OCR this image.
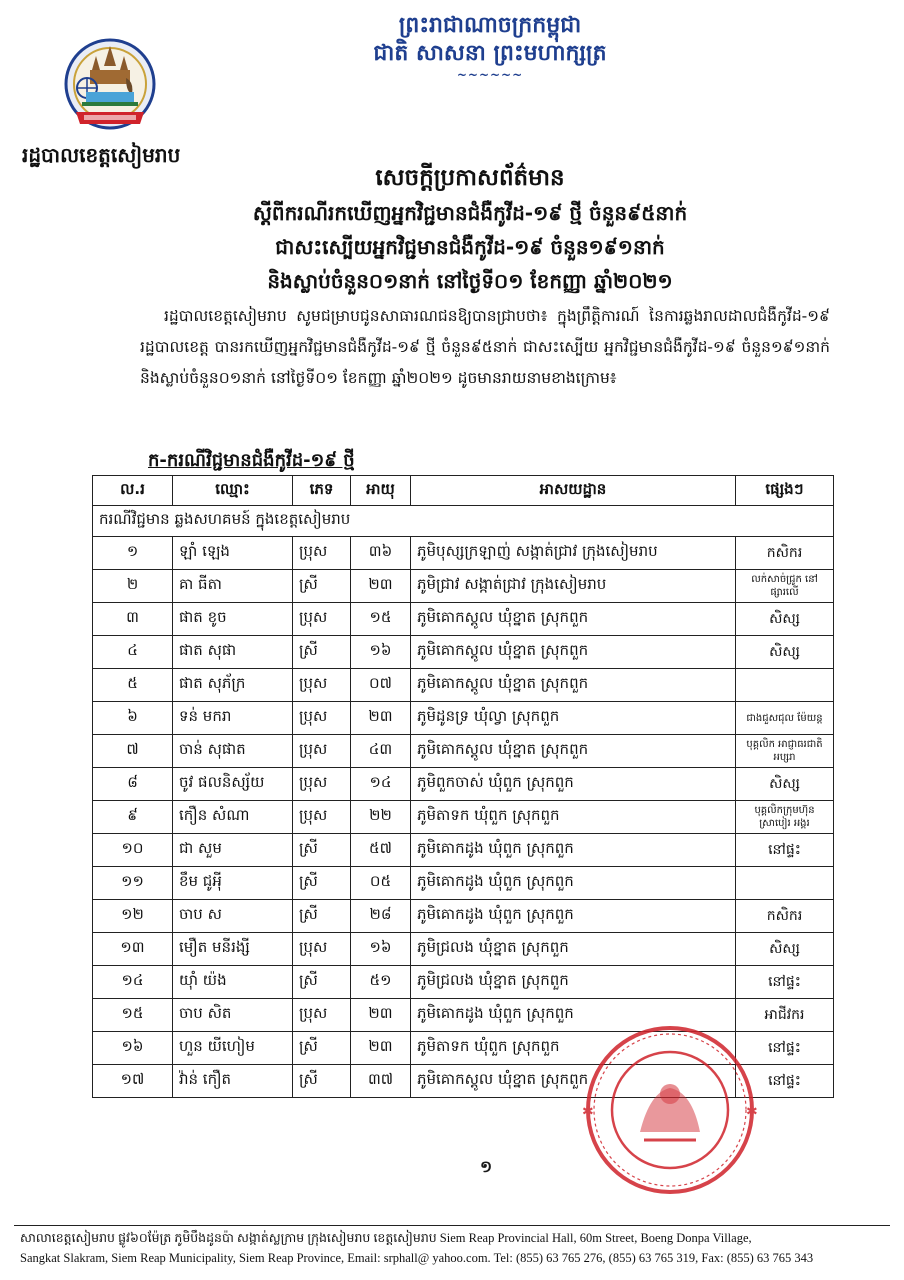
ព្រះរាជាណាចក្រកម្ពុជា
ជាតិ សាសនា ព្រះមហាក្សត្រ
~~~~~~
រដ្ឋបាលខេត្តសៀមរាប
សេចក្តីប្រកាសព័ត៌មាន
ស្តីពីករណីរកឃើញអ្នកវិជ្ជមានជំងឺកូវីដ-១៩ ថ្មី ចំនួន៩៥នាក់
ជាសះស្បើយអ្នកវិជ្ជមានជំងឺកូវីដ-១៩ ចំនួន១៩១នាក់
និងស្លាប់ចំនួន០១នាក់ នៅថ្ងៃទី០១ ខែកញ្ញា ឆ្នាំ២០២១
រដ្ឋបាលខេត្តសៀមរាប សូមជម្រាបជូនសាធារណជនឱ្យបានជ្រាបថា៖ ក្នុងព្រឹត្តិការណ៍ នៃការឆ្លងរាលដាលជំងឺកូវីដ-១៩ រដ្ឋបាលខេត្ត បានរកឃើញអ្នកវិជ្ជមានជំងឺកូវីដ-១៩ ថ្មី ចំនួន៩៥នាក់ ជាសះស្បើយ អ្នកវិជ្ជមានជំងឺកូវីដ-១៩ ចំនួន១៩១នាក់ និងស្លាប់ចំនួន០១នាក់ នៅថ្ងៃទី០១ ខែកញ្ញា ឆ្នាំ២០២១ ដូចមានរាយនាមខាងក្រោម៖
ក-ករណីវិជ្ជមានជំងឺកូវីដ-១៩ ថ្មី
ល.រ	ឈ្មោះ	ភេទ	អាយុ	អាសយដ្ឋាន	ផ្សេងៗ
ករណីវិជ្ជមាន ឆ្លងសហគមន៍ ក្នុងខេត្តសៀមរាប					
១	ឡាំ ឡេង	ប្រុស	៣៦	ភូមិបុស្សក្រឡាញ់ សង្កាត់ជ្រាវ ក្រុងសៀមរាប	កសិករ
២	គា ធីតា	ស្រី	២៣	ភូមិជ្រាវ សង្កាត់ជ្រាវ ក្រុងសៀមរាប	លក់សាច់ជ្រូក នៅផ្សារលើ
៣	ផាត ខូច	ប្រុស	១៥	ភូមិគោកស្តូល ឃុំខ្នាត ស្រុកពួក	សិស្ស
៤	ផាត សុផា	ស្រី	១៦	ភូមិគោកស្តូល ឃុំខ្នាត ស្រុកពួក	សិស្ស
៥	ផាត សុភ័ក្រ	ប្រុស	០៧	ភូមិគោកស្តូល ឃុំខ្នាត ស្រុកពួក	
៦	ទន់ មករា	ប្រុស	២៣	ភូមិដូនទ្រ ឃុំល្វា ស្រុកពួក	ជាងជួសជុល ម៉ែយន្ត
៧	ចាន់ សុផាត	ប្រុស	៤៣	ភូមិគោកស្តូល ឃុំខ្នាត ស្រុកពួក	បុគ្គលិក អាជ្ញាធរជាតិអប្សរា
៨	ចូវ ផលនិស្ស័យ	ប្រុស	១៤	ភូមិពួកចាស់ ឃុំពួក ស្រុកពួក	សិស្ស
៩	កឿន សំណា	ប្រុស	២២	ភូមិតាទក ឃុំពួក ស្រុកពួក	បុគ្គលិកក្រុមហ៊ុន ស្រាបៀរ អង្គរ
១០	ជា សួម	ស្រី	៥៧	ភូមិគោកដូង ឃុំពួក ស្រុកពួក	នៅផ្ទះ
១១	ខឹម ជូអុី	ស្រី	០៥	ភូមិគោកដូង ឃុំពួក ស្រុកពួក	
១២	ចាប ស	ស្រី	២៨	ភូមិគោកដូង ឃុំពួក ស្រុកពួក	កសិករ
១៣	មឿត មនីរង្សី	ប្រុស	១៦	ភូមិជ្រលង ឃុំខ្នាត ស្រុកពួក	សិស្ស
១៤	យ៉ាំ យ៉ង	ស្រី	៥១	ភូមិជ្រលង ឃុំខ្នាត ស្រុកពួក	នៅផ្ទះ
១៥	ចាប សិត	ប្រុស	២៣	ភូមិគោកដូង ឃុំពួក ស្រុកពួក	អាជីវករ
១៦	ហួន យីហៀម	ស្រី	២៣	ភូមិតាទក ឃុំពួក ស្រុកពួក	នៅផ្ទះ
១៧	វ៉ាន់ កឿត	ស្រី	៣៧	ភូមិគោកស្តូល ឃុំខ្នាត ស្រុកពួក	នៅផ្ទះ
១
✱
✱
សាលាខេត្តសៀមរាប ផ្លូវ៦០ម៉ែត្រ ភូមិបឹងដូនប៉ា សង្កាត់ស្លក្រាម ក្រុងសៀមរាប ខេត្តសៀមរាប Siem Reap Provincial Hall, 60m Street, Boeng Donpa Village,
Sangkat Slakram, Siem Reap Municipality, Siem Reap Province, Email: srphall@ yahoo.com. Tel: (855) 63 765 276, (855) 63 765 319, Fax: (855) 63 765 343
